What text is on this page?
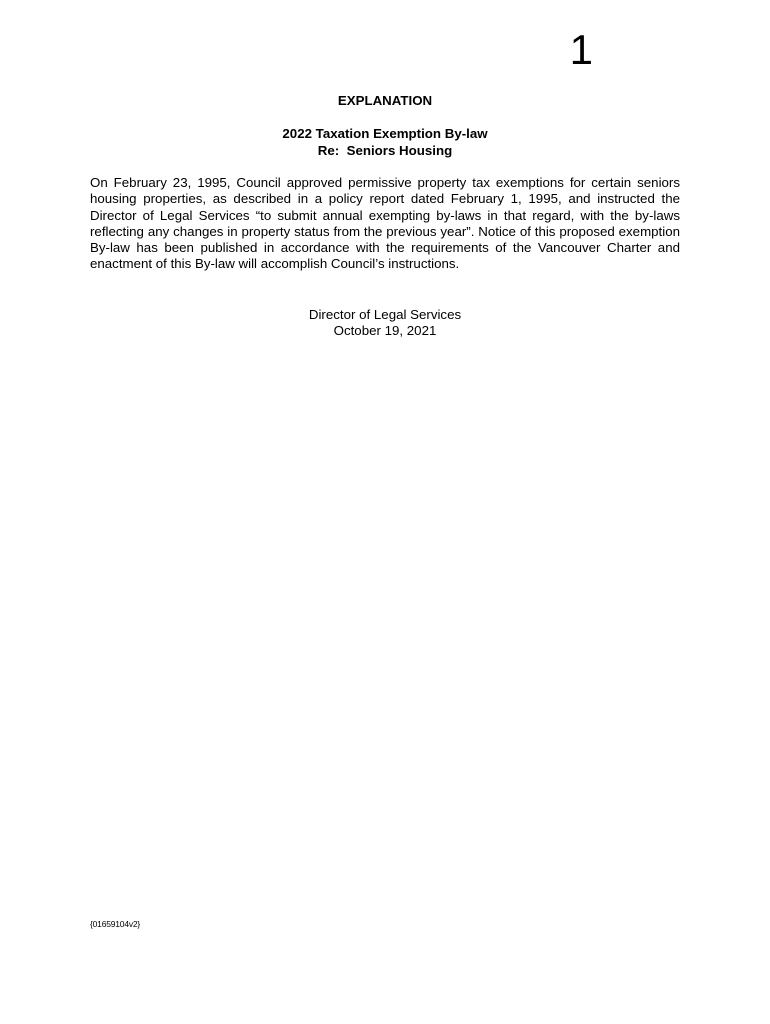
1
EXPLANATION
2022 Taxation Exemption By-law
Re:  Seniors Housing

On February 23, 1995, Council approved permissive property tax exemptions for certain seniors housing properties, as described in a policy report dated February 1, 1995, and instructed the Director of Legal Services “to submit annual exempting by-laws in that regard, with the by-laws reflecting any changes in property status from the previous year”. Notice of this proposed exemption By-law has been published in accordance with the requirements of the Vancouver Charter and enactment of this By-law will accomplish Council’s instructions.

Director of Legal Services
October 19, 2021
{01659104v2}
